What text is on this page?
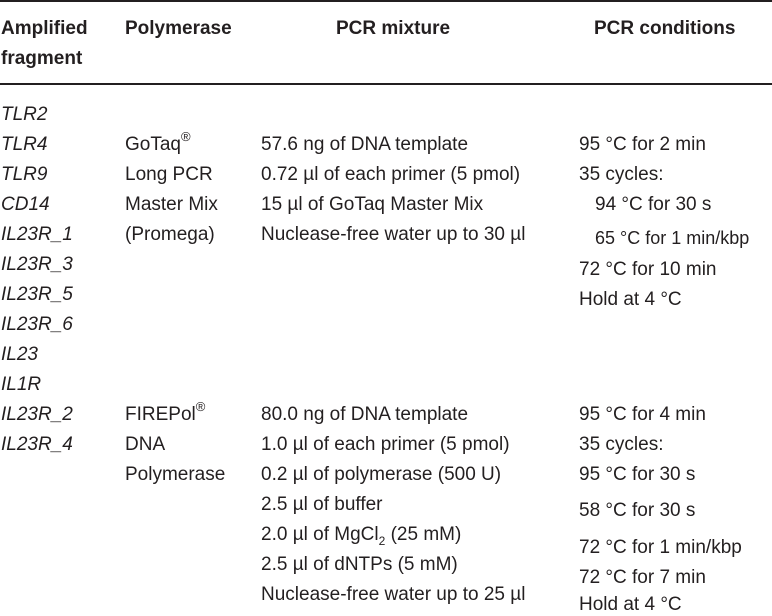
Amplified
fragment
Polymerase	PCR mixture	PCR conditions
TLR2
TLR4
TLR9
CD14
IL23R_1
IL23R_3
IL23R_5
IL23R_6
IL23
IL1R
IL23R_2
IL23R_4
GoTaq®
Long PCR
Master Mix
(Promega)
57.6 ng of DNA template
0.72 µl of each primer (5 pmol)
15 µl of GoTaq Master Mix
Nuclease-free water up to 30 µl
95 °C for 2 min
35 cycles:
94 °C for 30 s
65 °C for 1 min/kbp
72 °C for 10 min
Hold at 4 °C
FIREPol®
DNA
Polymerase
80.0 ng of DNA template
1.0 µl of each primer (5 pmol)
0.2 µl of polymerase (500 U)
2.5 µl of buffer
2.0 µl of MgCl$_2$ (25 mM)
2.5 µl of dNTPs (5 mM)
Nuclease-free water up to 25 µl
95 °C for 4 min
35 cycles:
95 °C for 30 s
58 °C for 30 s
72 °C for 1 min/kbp
72 °C for 7 min
Hold at 4 °C
